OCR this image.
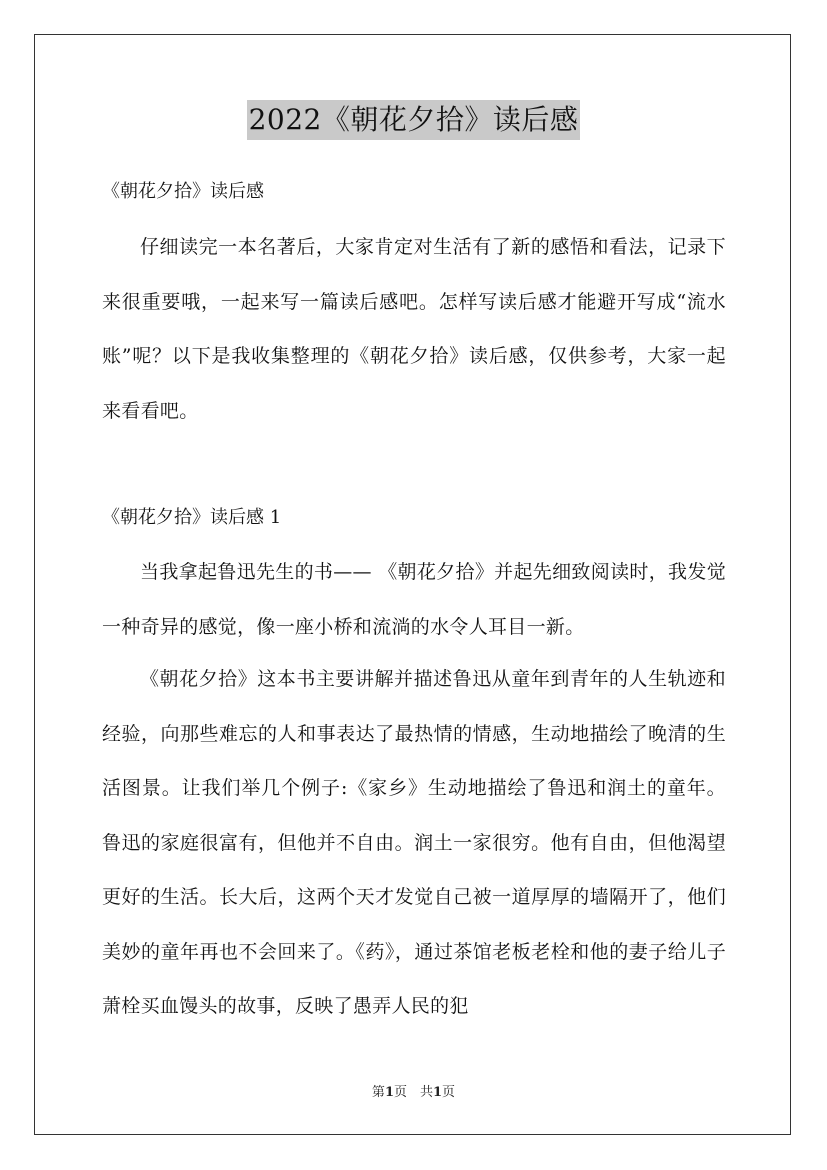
2022《朝花夕拾》读后感

《朝花夕拾》读后感

仔细读完一本名著后，大家肯定对生活有了新的感悟和看法，记录下来很重要哦，一起来写一篇读后感吧。怎样写读后感才能避开写成“流水账”呢？以下是我收集整理的《朝花夕拾》读后感，仅供参考，大家一起来看看吧。

《朝花夕拾》读后感 1

当我拿起鲁迅先生的书—— 《朝花夕拾》并起先细致阅读时，我发觉一种奇异的感觉，像一座小桥和流淌的水令人耳目一新。

《朝花夕拾》这本书主要讲解并描述鲁迅从童年到青年的人生轨迹和经验，向那些难忘的人和事表达了最热情的情感，生动地描绘了晚清的生活图景。让我们举几个例子:《家乡》生动地描绘了鲁迅和润土的童年。鲁迅的家庭很富有，但他并不自由。润土一家很穷。他有自由，但他渴望更好的生活。长大后，这两个天才发觉自己被一道厚厚的墙隔开了，他们美妙的童年再也不会回来了。《药》，通过茶馆老板老栓和他的妻子给儿子萧栓买血馒头的故事，反映了愚弄人民的犯

第1页　共1页
